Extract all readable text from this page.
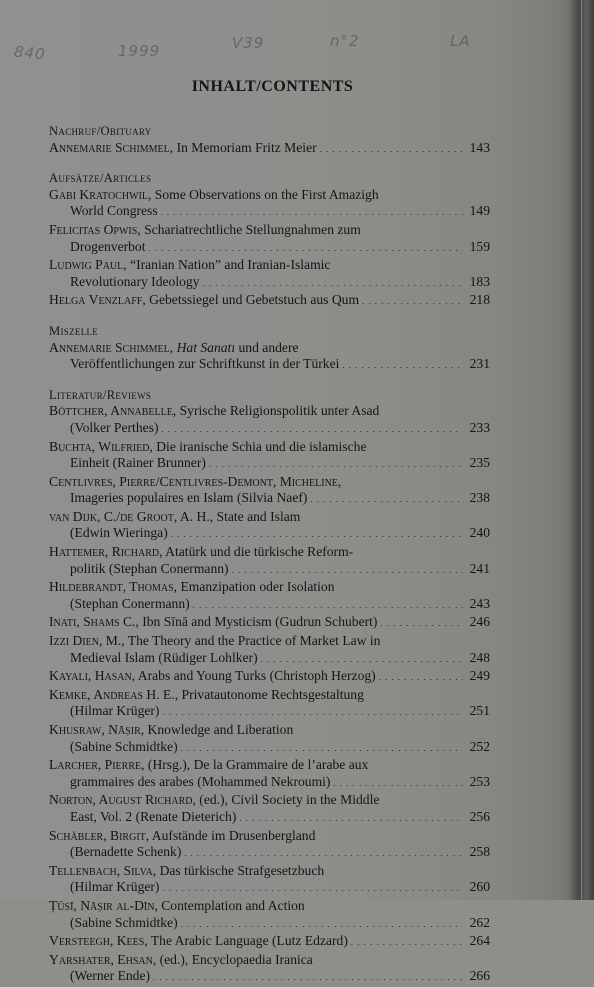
840	1999	V39	n°2	LA
INHALT/CONTENTS
Nachruf/Obituary
Annemarie Schimmel, In Memoriam Fritz Meier . . .	143
Aufsätze/Articles
Gabi Kratochwil, Some Observations on the First Amazigh
World Congress . . .	149
Felicitas Opwis, Schariatrechtliche Stellungnahmen zum
Drogenverbot . . .	159
Ludwig Paul, “Iranian Nation” and Iranian-Islamic
Revolutionary Ideology . . .	183
Helga Venzlaff, Gebetssiegel und Gebetstuch aus Qum . . .	218
Miszelle
Annemarie Schimmel, Hat Sanatı und andere
Veröffentlichungen zur Schriftkunst in der Türkei . . .	231
Literatur/Reviews
Böttcher, Annabelle, Syrische Religionspolitik unter Asad
(Volker Perthes) . . .	233
Buchta, Wilfried, Die iranische Schia und die islamische
Einheit (Rainer Brunner) . . .	235
Centlivres, Pierre/Centlivres-Demont, Micheline,
Imageries populaires en Islam (Silvia Naef) . . .	238
van Dijk, C./de Groot, A. H., State and Islam
(Edwin Wieringa) . . .	240
Hattemer, Richard, Atatürk und die türkische Reform-
politik (Stephan Conermann) . . .	241
Hildebrandt, Thomas, Emanzipation oder Isolation
(Stephan Conermann) . . .	243
Inati, Shams C., Ibn Sīnā and Mysticism (Gudrun Schubert) . . .	246
Izzi Dien, M., The Theory and the Practice of Market Law in
Medieval Islam (Rüdiger Lohlker) . . .	248
Kayali, Hasan, Arabs and Young Turks (Christoph Herzog) . . .	249
Kemke, Andreas H. E., Privatautonome Rechtsgestaltung
(Hilmar Krüger) . . .	251
Khusraw, Nāṣir, Knowledge and Liberation
(Sabine Schmidtke) . . .	252
Larcher, Pierre, (Hrsg.), De la Grammaire de l’arabe aux
grammaires des arabes (Mohammed Nekroumi) . . .	253
Norton, August Richard, (ed.), Civil Society in the Middle
East, Vol. 2 (Renate Dieterich) . . .	256
Schäbler, Birgit, Aufstände im Drusenbergland
(Bernadette Schenk) . . .	258
Tellenbach, Silva, Das türkische Strafgesetzbuch
(Hilmar Krüger) . . .	260
Ṭūsī, Nāṣir al-Dīn, Contemplation and Action
(Sabine Schmidtke) . . .	262
Versteegh, Kees, The Arabic Language (Lutz Edzard) . . .	264
Yarshater, Ehsan, (ed.), Encyclopaedia Iranica
(Werner Ende) . . .	266
